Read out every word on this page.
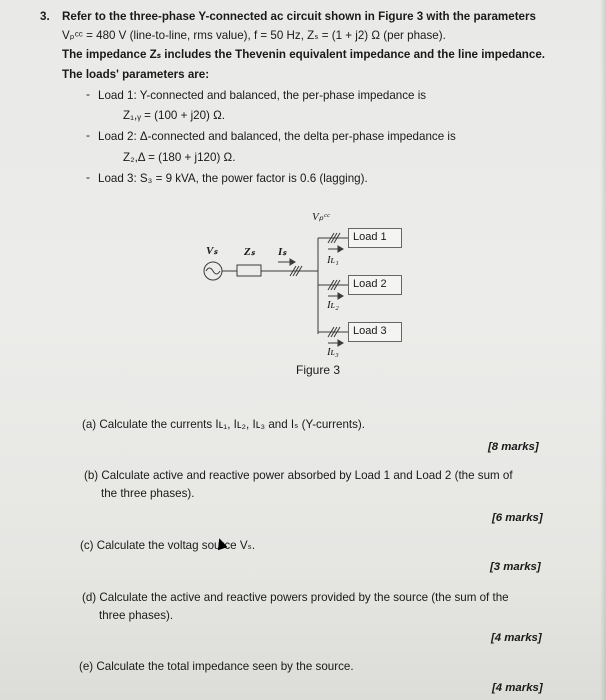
3. Refer to the three-phase Y-connected ac circuit shown in Figure 3 with the parameters
Vₚᶜᶜ = 480 V (line-to-line, rms value), f = 50 Hz, Zₛ = (1 + j2) Ω (per phase).
The impedance Zₛ includes the Thevenin equivalent impedance and the line impedance.
The loads' parameters are:
- Load 1: Y-connected and balanced, the per-phase impedance is
Z₁,ᵧ = (100 + j20) Ω.
- Load 2: Δ-connected and balanced, the delta per-phase impedance is
Z₂,Δ = (180 + j120) Ω.
- Load 3: S₃ = 9 kVA, the power factor is 0.6 (lagging).
Vₚᶜᶜ
Vₛ Zₛ Iₛ
Iʟ₁
Iʟ₂
Iʟ₃
Load 1
Load 2
Load 3
Figure 3
(a) Calculate the currents Iʟ₁, Iʟ₂, Iʟ₃ and Iₛ (Y-currents).
[8 marks]
(b) Calculate active and reactive power absorbed by Load 1 and Load 2 (the sum of
the three phases).
[6 marks]
(c) Calculate the voltag source Vₛ.
[3 marks]
(d) Calculate the active and reactive powers provided by the source (the sum of the
three phases).
[4 marks]
(e) Calculate the total impedance seen by the source.
[4 marks]
